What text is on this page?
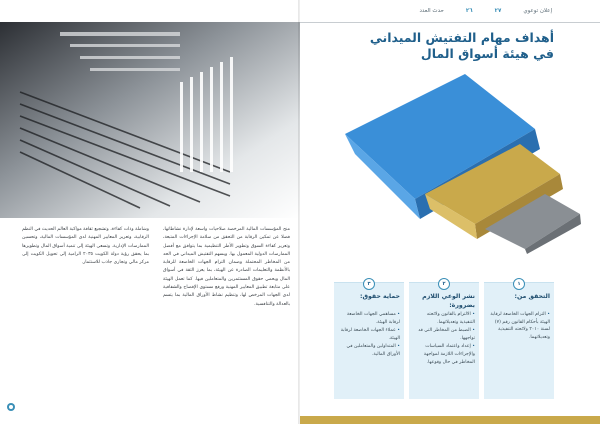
منح المؤسسات المالية المرخصة صلاحيات واسعة لإدارة نشاطاتها، فضلا عن تمكين الرقابة من التحقق من سلامة الإجراءات المتبعة، وتعزيز كفاءة السوق وتطوير الأطر التنظيمية بما يتوافق مع أفضل الممارسات الدولية المعمول بها. ويسهم التفتيش الميداني في الحد من المخاطر المحتملة وضمان التزام الجهات الخاضعة للرقابة بالأنظمة والتعليمات الصادرة عن الهيئة، بما يعزز الثقة في أسواق المال ويحمي حقوق المستثمرين والمتعاملين فيها. كما تعمل الهيئة على متابعة تطبيق المعايير المهنية ورفع مستوى الإفصاح والشفافية لدى الجهات المرخص لها، وتنظيم نشاط الأوراق المالية بما يتسم بالعدالة والتنافسية.
وشاملة وذات كفاءة، وتشجيع ثقافة مواكبة العالم الحديث في النظم الرقابية، وتعزيز المعايير المهنية لدى المؤسسات المالية، وتحسين الممارسات الإدارية. وتسعى الهيئة إلى تنمية أسواق المال وتطويرها بما يحقق رؤية دولة الكويت ٢٠٣٥ الرامية إلى تحويل الكويت إلى مركز مالي وتجاري جاذب للاستثمار.
إعلان توعوي
٢٧
٢٦
حدث العدد
أهداف مهام التفتيش الميداني
في هيئة أسواق المال
١
التحقق من:
• التزام الجهات الخاضعة لرقابة الهيئة بأحكام القانون رقم (٧) لسنة ٢٠١٠ ولائحته التنفيذية وتعديلاتهما.
٢
نشر الوعي اللازم بضرورة:
• الالتزام بالقانون ولائحته التنفيذية وتعديلاتهما.
• الضبط من المخاطر التي قد تواجهها.
• إعداد واعتماد السياسات والإجراءات اللازمة لمواجهة المخاطر في حال وقوعها.
٣
حماية حقوق:
• مساهمي الجهات الخاضعة لرقابة الهيئة.
• عملاء الجهات الخاضعة لرقابة الهيئة.
• المتداولين والمتعاملين في الأوراق المالية.
